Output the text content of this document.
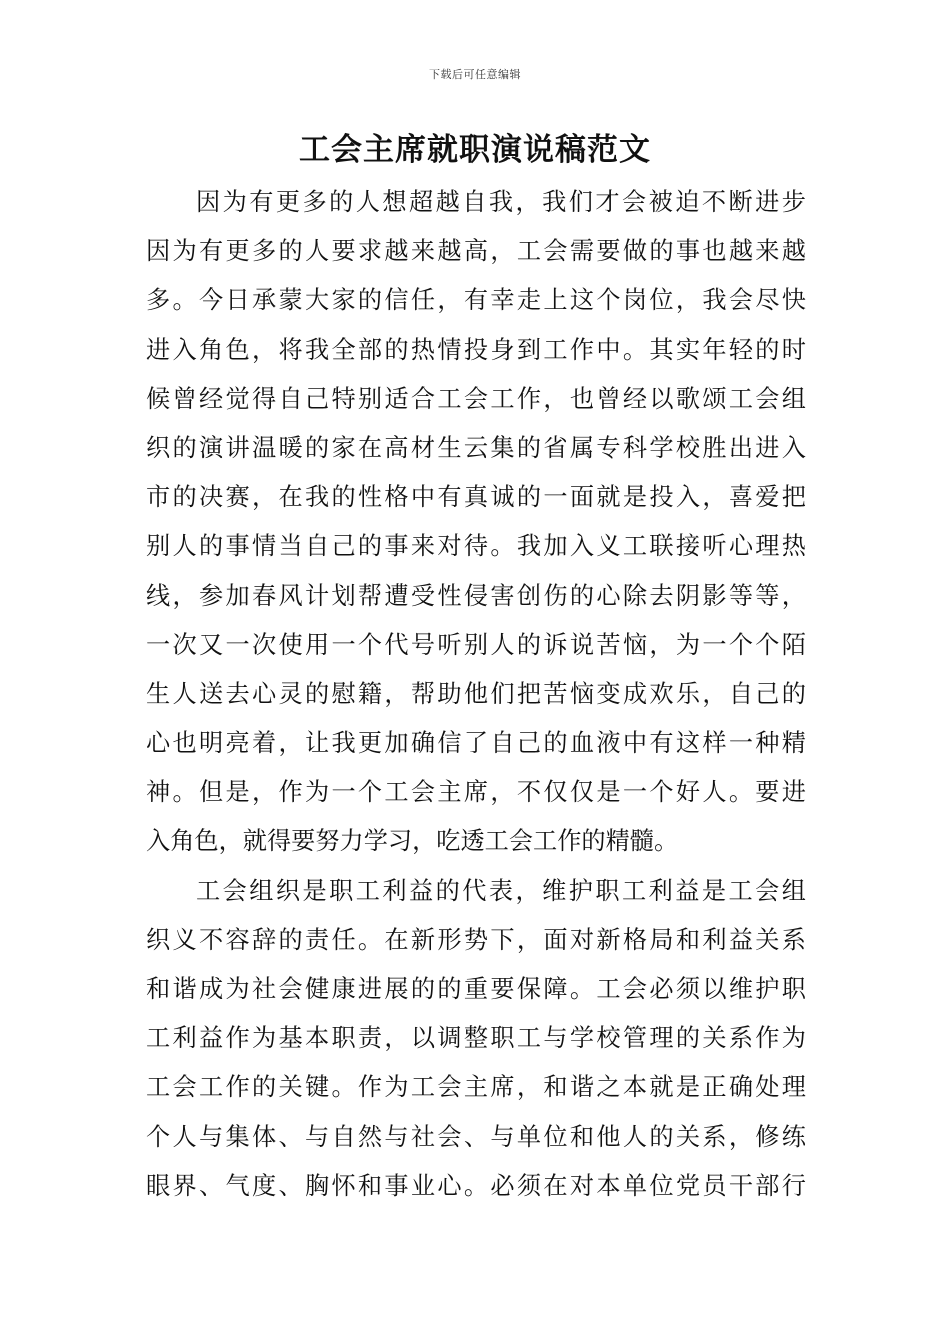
下载后可任意编辑
工会主席就职演说稿范文
因为有更多的人想超越自我，我们才会被迫不断进步
因为有更多的人要求越来越高，工会需要做的事也越来越
多。今日承蒙大家的信任，有幸走上这个岗位，我会尽快
进入角色，将我全部的热情投身到工作中。其实年轻的时
候曾经觉得自己特别适合工会工作，也曾经以歌颂工会组
织的演讲温暖的家在高材生云集的省属专科学校胜出进入
市的决赛，在我的性格中有真诚的一面就是投入，喜爱把
别人的事情当自己的事来对待。我加入义工联接听心理热
线，参加春风计划帮遭受性侵害创伤的心除去阴影等等，
一次又一次使用一个代号听别人的诉说苦恼，为一个个陌
生人送去心灵的慰籍，帮助他们把苦恼变成欢乐，自己的
心也明亮着，让我更加确信了自己的血液中有这样一种精
神。但是，作为一个工会主席，不仅仅是一个好人。要进
入角色，就得要努力学习，吃透工会工作的精髓。
工会组织是职工利益的代表，维护职工利益是工会组
织义不容辞的责任。在新形势下，面对新格局和利益关系
和谐成为社会健康进展的的重要保障。工会必须以维护职
工利益作为基本职责，以调整职工与学校管理的关系作为
工会工作的关键。作为工会主席，和谐之本就是正确处理
个人与集体、与自然与社会、与单位和他人的关系，修练
眼界、气度、胸怀和事业心。必须在对本单位党员干部行
